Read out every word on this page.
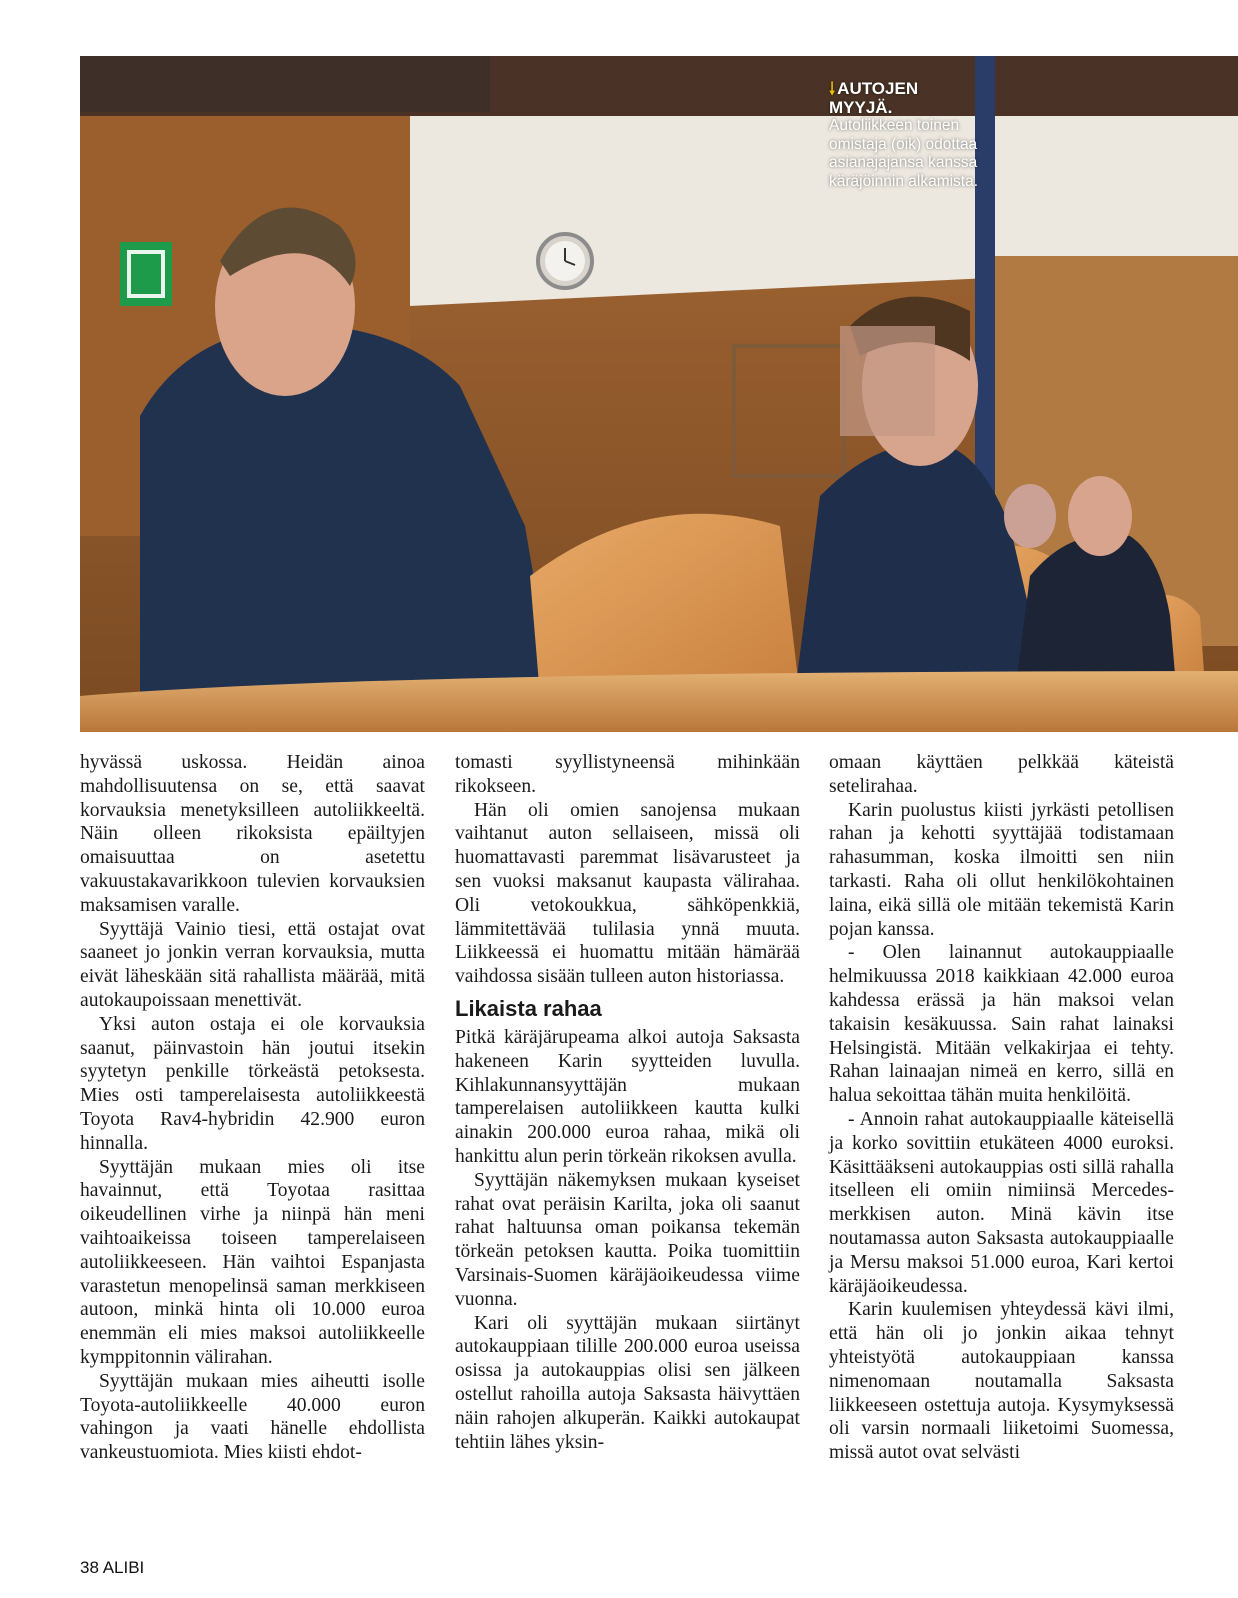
🠓 AUTOJEN MYYJÄ.
Autoliikkeen toinen omistaja (oik) odottaa asianajajansa kanssa käräjöinnin alkamista.

hyvässä uskossa. Heidän ainoa mahdollisuutensa on se, että saavat korvauksia menetyksilleen autoliikkeeltä. Näin olleen rikoksista epäiltyjen omaisuuttaa on asetettu vakuustakavarikkoon tulevien korvauksien maksamisen varalle.

Syyttäjä Vainio tiesi, että ostajat ovat saaneet jo jonkin verran korvauksia, mutta eivät läheskään sitä rahallista määrää, mitä autokaupoissaan menettivät.

Yksi auton ostaja ei ole korvauksia saanut, päinvastoin hän joutui itsekin syytetyn penkille törkeästä petoksesta. Mies osti tamperelaisesta autoliikkeestä Toyota Rav4-hybridin 42.900 euron hinnalla.

Syyttäjän mukaan mies oli itse havainnut, että Toyotaa rasittaa oikeudellinen virhe ja niinpä hän meni vaihtoaikeissa toiseen tamperelaiseen autoliikkeeseen. Hän vaihtoi Espanjasta varastetun menopelinsä saman merkkiseen autoon, minkä hinta oli 10.000 euroa enemmän eli mies maksoi autoliikkeelle kymppitonnin välirahan.

Syyttäjän mukaan mies aiheutti isolle Toyota-autoliikkeelle 40.000 euron vahingon ja vaati hänelle ehdollista vankeustuomiota. Mies kiisti ehdot-

tomasti syyllistyneensä mihinkään rikokseen.

Hän oli omien sanojensa mukaan vaihtanut auton sellaiseen, missä oli huomattavasti paremmat lisävarusteet ja sen vuoksi maksanut kaupasta välirahaa. Oli vetokoukkua, sähköpenkkiä, lämmitettävää tulilasia ynnä muuta. Liikkeessä ei huomattu mitään hämärää vaihdossa sisään tulleen auton historiassa.

Likaista rahaa

Pitkä käräjärupeama alkoi autoja Saksasta hakeneen Karin syytteiden luvulla. Kihlakunnansyyttäjän mukaan tamperelaisen autoliikkeen kautta kulki ainakin 200.000 euroa rahaa, mikä oli hankittu alun perin törkeän rikoksen avulla.

Syyttäjän näkemyksen mukaan kyseiset rahat ovat peräisin Karilta, joka oli saanut rahat haltuunsa oman poikansa tekemän törkeän petoksen kautta. Poika tuomittiin Varsinais-Suomen käräjäoikeudessa viime vuonna.

Kari oli syyttäjän mukaan siirtänyt autokauppiaan tilille 200.000 euroa useissa osissa ja autokauppias olisi sen jälkeen ostellut rahoilla autoja Saksasta häivyttäen näin rahojen alkuperän. Kaikki autokaupat tehtiin lähes yksin-

omaan käyttäen pelkkää käteistä setelirahaa.

Karin puolustus kiisti jyrkästi petollisen rahan ja kehotti syyttäjää todistamaan rahasumman, koska ilmoitti sen niin tarkasti. Raha oli ollut henkilökohtainen laina, eikä sillä ole mitään tekemistä Karin pojan kanssa.

- Olen lainannut autokauppiaalle helmikuussa 2018 kaikkiaan 42.000 euroa kahdessa erässä ja hän maksoi velan takaisin kesäkuussa. Sain rahat lainaksi Helsingistä. Mitään velkakirjaa ei tehty. Rahan lainaajan nimeä en kerro, sillä en halua sekoittaa tähän muita henkilöitä.

- Annoin rahat autokauppiaalle käteisellä ja korko sovittiin etukäteen 4000 euroksi. Käsittääkseni autokauppias osti sillä rahalla itselleen eli omiin nimiinsä Mercedes-merkkisen auton. Minä kävin itse noutamassa auton Saksasta autokauppiaalle ja Mersu maksoi 51.000 euroa, Kari kertoi käräjäoikeudessa.

Karin kuulemisen yhteydessä kävi ilmi, että hän oli jo jonkin aikaa tehnyt yhteistyötä autokauppiaan kanssa nimenomaan noutamalla Saksasta liikkeeseen ostettuja autoja. Kysymyksessä oli varsin normaali liiketoimi Suomessa, missä autot ovat selvästi

38 ALIBI
